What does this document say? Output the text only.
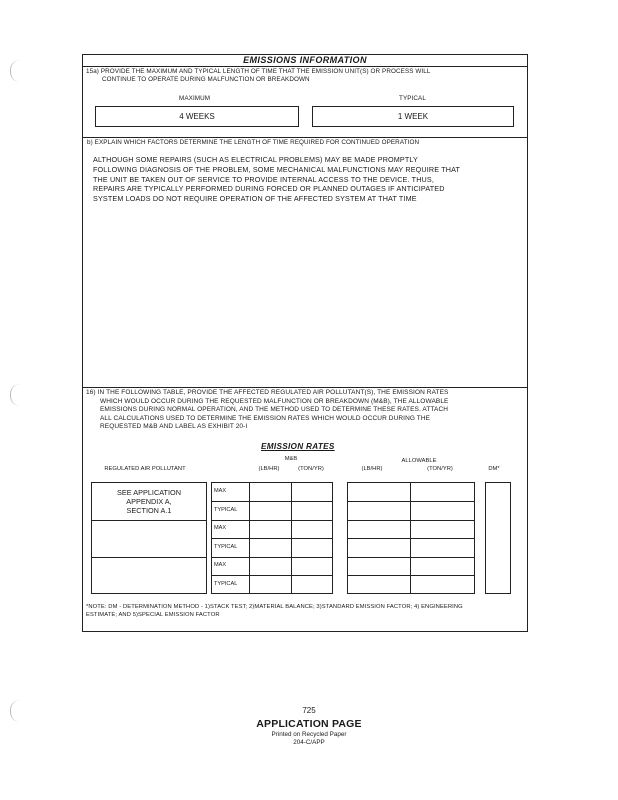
EMISSIONS INFORMATION
15a) PROVIDE THE MAXIMUM AND TYPICAL LENGTH OF TIME THAT THE EMISSION UNIT(S) OR PROCESS WILL
CONTINUE TO OPERATE DURING MALFUNCTION OR BREAKDOWN
MAXIMUM	TYPICAL
4 WEEKS	1 WEEK
b) EXPLAIN WHICH FACTORS DETERMINE THE LENGTH OF TIME REQUIRED FOR CONTINUED OPERATION
ALTHOUGH SOME REPAIRS (SUCH AS ELECTRICAL PROBLEMS) MAY BE MADE PROMPTLY
FOLLOWING DIAGNOSIS OF THE PROBLEM, SOME MECHANICAL MALFUNCTIONS MAY REQUIRE THAT
THE UNIT BE TAKEN OUT OF SERVICE TO PROVIDE INTERNAL ACCESS TO THE DEVICE. THUS,
REPAIRS ARE TYPICALLY PERFORMED DURING FORCED OR PLANNED OUTAGES IF ANTICIPATED
SYSTEM LOADS DO NOT REQUIRE OPERATION OF THE AFFECTED SYSTEM AT THAT TIME
16) IN THE FOLLOWING TABLE, PROVIDE THE AFFECTED REGULATED AIR POLLUTANT(S), THE EMISSION RATES
WHICH WOULD OCCUR DURING THE REQUESTED MALFUNCTION OR BREAKDOWN (M&B), THE ALLOWABLE
EMISSIONS DURING NORMAL OPERATION, AND THE METHOD USED TO DETERMINE THESE RATES. ATTACH
ALL CALCULATIONS USED TO DETERMINE THE EMISSION RATES WHICH WOULD OCCUR DURING THE
REQUESTED M&B AND LABEL AS EXHIBIT 20-I
EMISSION RATES
REGULATED AIR POLLUTANT
M&B
(LB/HR)	(TON/YR)
ALLOWABLE
(LB/HR)	(TON/YR)	DM*
SEE APPLICATION
APPENDIX A,
SECTION A.1
MAX
TYPICAL
MAX
TYPICAL
MAX
TYPICAL
*NOTE: DM - DETERMINATION METHOD - 1)STACK TEST; 2)MATERIAL BALANCE; 3)STANDARD EMISSION FACTOR; 4) ENGINEERING
ESTIMATE; AND 5)SPECIAL EMISSION FACTOR
725
APPLICATION PAGE
Printed on Recycled Paper
204-C/APP
